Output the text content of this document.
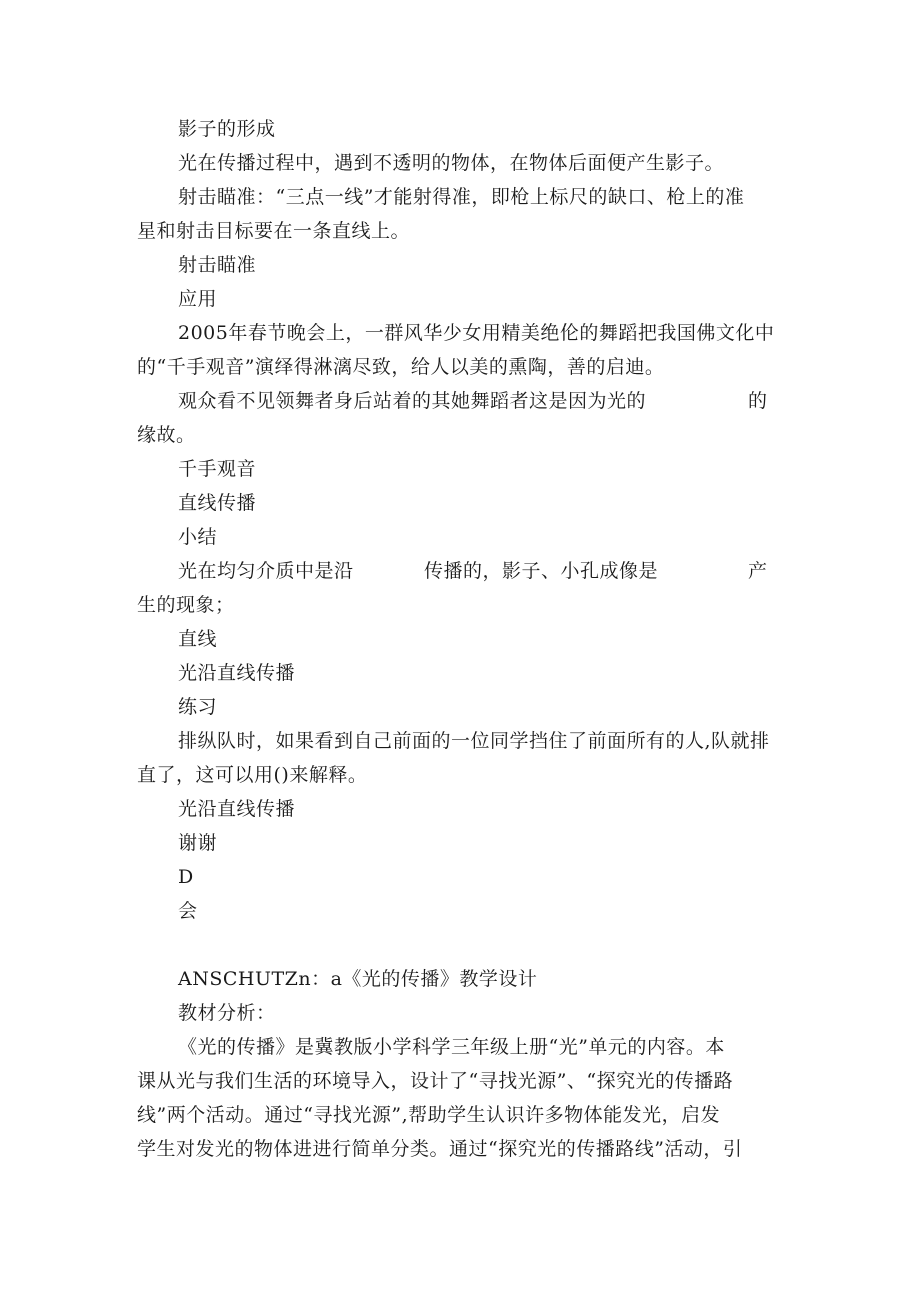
影子的形成
光在传播过程中，遇到不透明的物体，在物体后面便产生影子。
射击瞄准：“三点一线”才能射得准，即枪上标尺的缺口、枪上的准
星和射击目标要在一条直线上。
射击瞄准
应用
2005年春节晚会上，一群风华少女用精美绝伦的舞蹈把我国佛文化中
的“千手观音”演绎得淋漓尽致，给人以美的熏陶，善的启迪。
观众看不见领舞者身后站着的其她舞蹈者这是因为光的	的
缘故。
千手观音
直线传播
小结
光在均匀介质中是沿	传播的，影子、小孔成像是	产
生的现象；
直线
光沿直线传播
练习
排纵队时，如果看到自己前面的一位同学挡住了前面所有的人,队就排
直了，这可以用()来解释。
光沿直线传播
谢谢
D
会
ANSCHUTZn：a《光的传播》教学设计
教材分析：
《光的传播》是冀教版小学科学三年级上册“光”单元的内容。本
课从光与我们生活的环境导入，设计了“寻找光源”、“探究光的传播路
线”两个活动。通过“寻找光源”,帮助学生认识许多物体能发光，启发
学生对发光的物体进进行简单分类。通过“探究光的传播路线”活动，引
